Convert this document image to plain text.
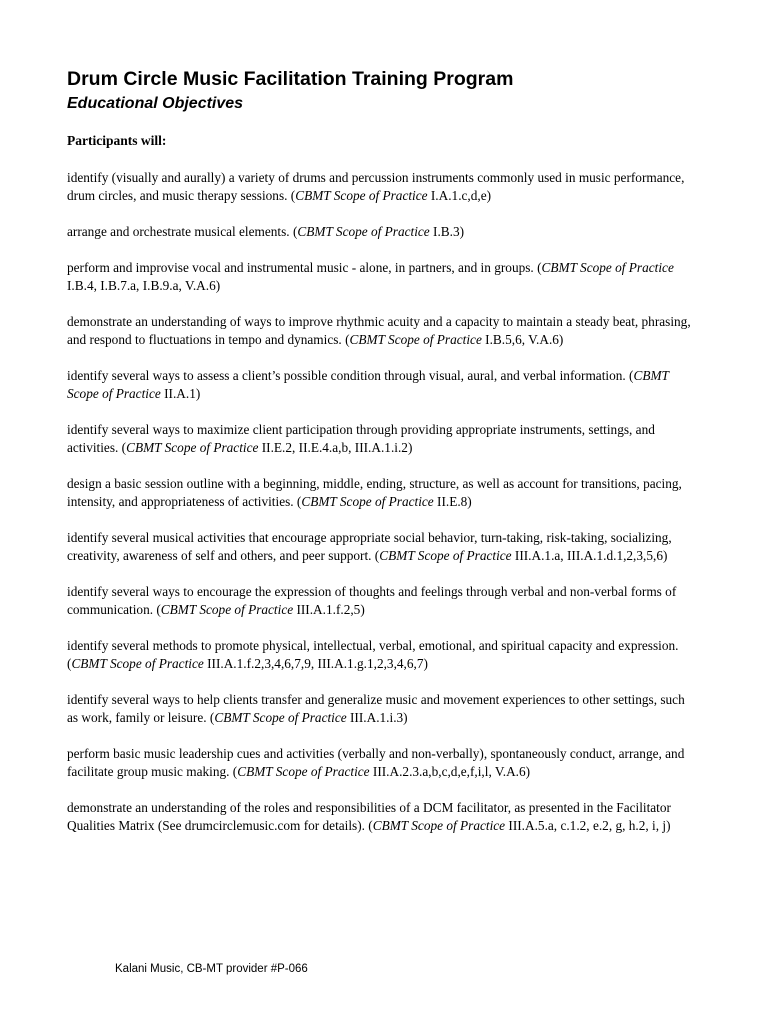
Drum Circle Music Facilitation Training Program
Educational Objectives

Participants will:

identify (visually and aurally) a variety of drums and percussion instruments commonly used in music performance, drum circles, and music therapy sessions. (CBMT Scope of Practice I.A.1.c,d,e)

arrange and orchestrate musical elements. (CBMT Scope of Practice I.B.3)

perform and improvise vocal and instrumental music - alone, in partners, and in groups. (CBMT Scope of Practice I.B.4, I.B.7.a, I.B.9.a, V.A.6)

demonstrate an understanding of ways to improve rhythmic acuity and a capacity to maintain a steady beat, phrasing, and respond to fluctuations in tempo and dynamics. (CBMT Scope of Practice I.B.5,6, V.A.6)

identify several ways to assess a client’s possible condition through visual, aural, and verbal information. (CBMT Scope of Practice II.A.1)

identify several ways to maximize client participation through providing appropriate instruments, settings, and activities. (CBMT Scope of Practice II.E.2, II.E.4.a,b, III.A.1.i.2)

design a basic session outline with a beginning, middle, ending, structure, as well as account for transitions, pacing, intensity, and appropriateness of activities. (CBMT Scope of Practice II.E.8)

identify several musical activities that encourage appropriate social behavior, turn-taking, risk-taking, socializing, creativity, awareness of self and others, and peer support. (CBMT Scope of Practice III.A.1.a, III.A.1.d.1,2,3,5,6)

identify several ways to encourage the expression of thoughts and feelings through verbal and non-verbal forms of communication. (CBMT Scope of Practice III.A.1.f.2,5)

identify several methods to promote physical, intellectual, verbal, emotional, and spiritual capacity and expression. (CBMT Scope of Practice III.A.1.f.2,3,4,6,7,9, III.A.1.g.1,2,3,4,6,7)

identify several ways to help clients transfer and generalize music and movement experiences to other settings, such as work, family or leisure. (CBMT Scope of Practice III.A.1.i.3)

perform basic music leadership cues and activities (verbally and non-verbally), spontaneously conduct, arrange, and facilitate group music making. (CBMT Scope of Practice III.A.2.3.a,b,c,d,e,f,i,l, V.A.6)

demonstrate an understanding of the roles and responsibilities of a DCM facilitator, as presented in the Facilitator Qualities Matrix (See drumcirclemusic.com for details). (CBMT Scope of Practice III.A.5.a, c.1.2, e.2, g, h.2, i, j)

Kalani Music, CB-MT provider #P-066
